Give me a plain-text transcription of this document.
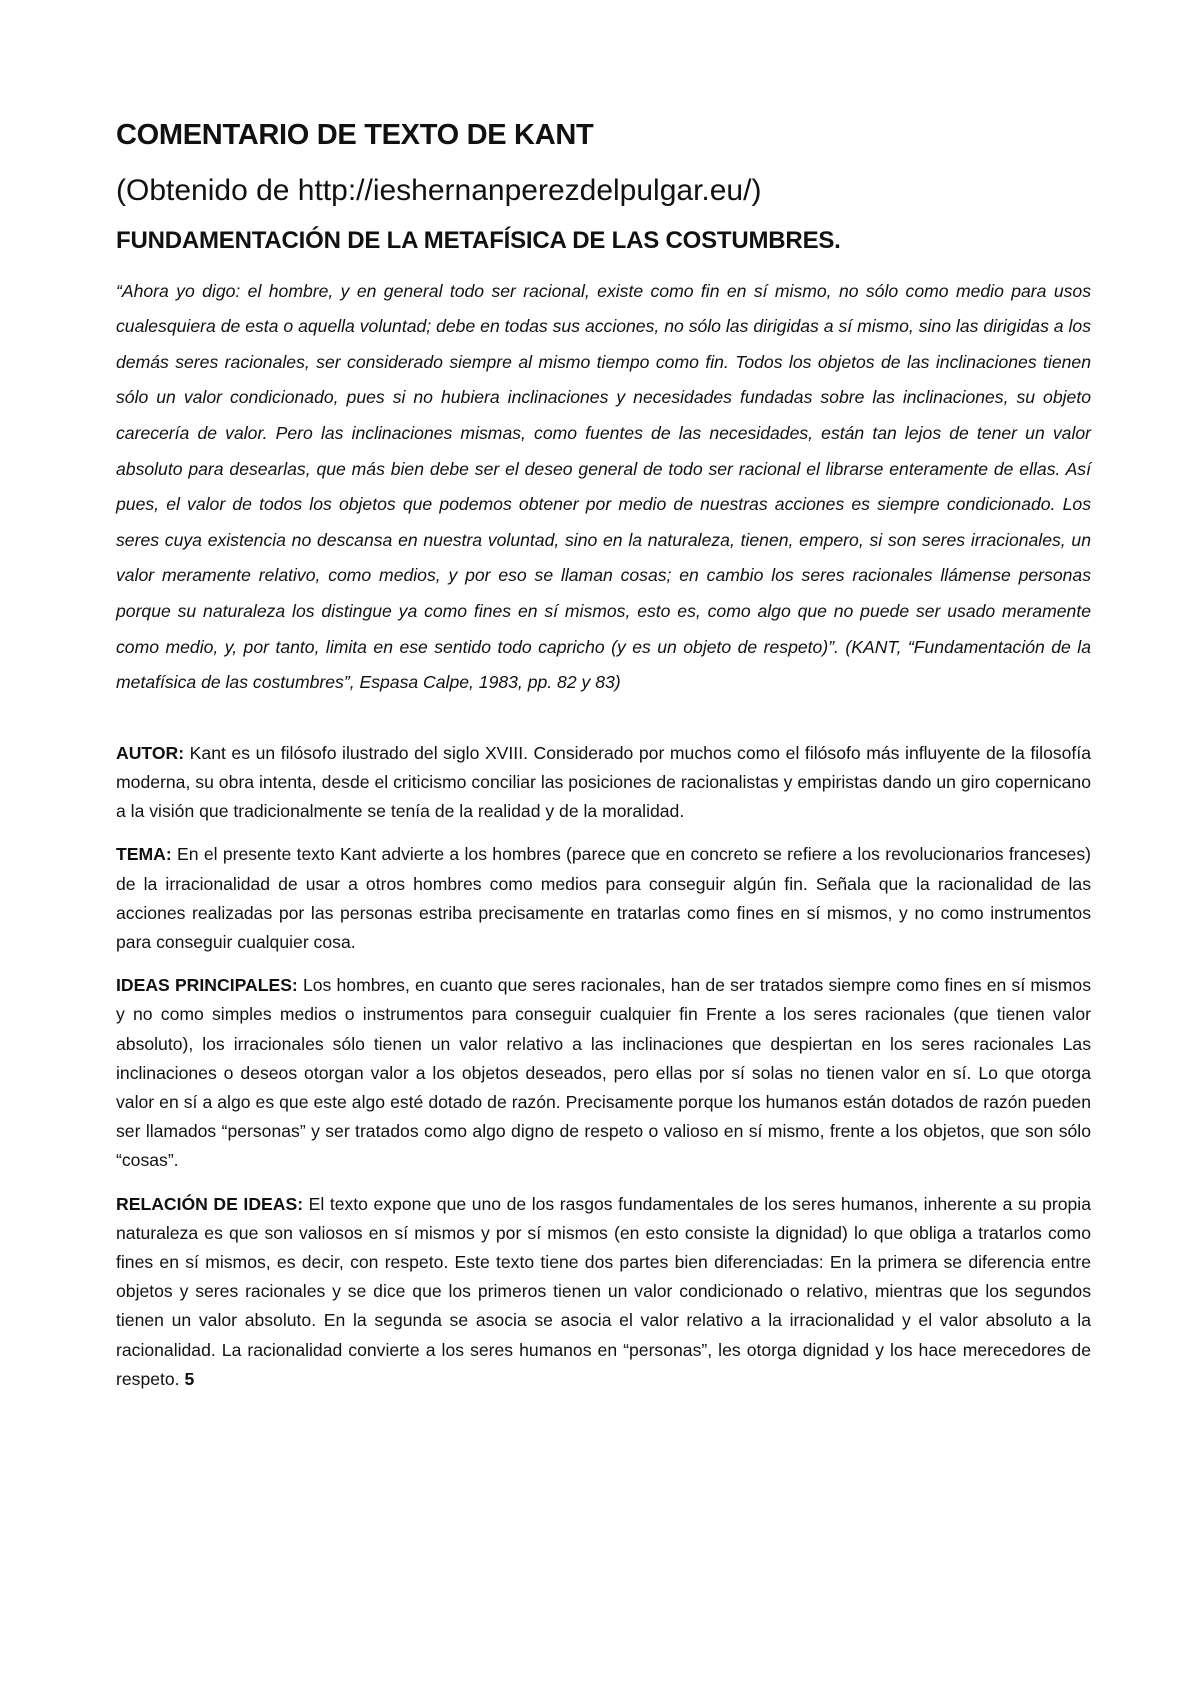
COMENTARIO DE TEXTO DE KANT
(Obtenido de http://ieshernanperezdelpulgar.eu/)
FUNDAMENTACIÓN DE LA METAFÍSICA DE LAS COSTUMBRES.

“Ahora yo digo: el hombre, y en general todo ser racional, existe como fin en sí mismo, no sólo como medio para usos cualesquiera de esta o aquella voluntad; debe en todas sus acciones, no sólo las dirigidas a sí mismo, sino las dirigidas a los demás seres racionales, ser considerado siempre al mismo tiempo como fin. Todos los objetos de las inclinaciones tienen sólo un valor condicionado, pues si no hubiera inclinaciones y necesidades fundadas sobre las inclinaciones, su objeto carecería de valor. Pero las inclinaciones mismas, como fuentes de las necesidades, están tan lejos de tener un valor absoluto para desearlas, que más bien debe ser el deseo general de todo ser racional el librarse enteramente de ellas. Así pues, el valor de todos los objetos que podemos obtener por medio de nuestras acciones es siempre condicionado. Los seres cuya existencia no descansa en nuestra voluntad, sino en la naturaleza, tienen, empero, si son seres irracionales, un valor meramente relativo, como medios, y por eso se llaman cosas; en cambio los seres racionales llámense personas porque su naturaleza los distingue ya como fines en sí mismos, esto es, como algo que no puede ser usado meramente como medio, y, por tanto, limita en ese sentido todo capricho (y es un objeto de respeto)”. (KANT, “Fundamentación de la metafísica de las costumbres”, Espasa Calpe, 1983, pp. 82 y 83)

AUTOR: Kant es un filósofo ilustrado del siglo XVIII. Considerado por muchos como el filósofo más influyente de la filosofía moderna, su obra intenta, desde el criticismo conciliar las posiciones de racionalistas y empiristas dando un giro copernicano a la visión que tradicionalmente se tenía de la realidad y de la moralidad.

TEMA: En el presente texto Kant advierte a los hombres (parece que en concreto se refiere a los revolucionarios franceses) de la irracionalidad de usar a otros hombres como medios para conseguir algún fin. Señala que la racionalidad de las acciones realizadas por las personas estriba precisamente en tratarlas como fines en sí mismos, y no como instrumentos para conseguir cualquier cosa.

IDEAS PRINCIPALES: Los hombres, en cuanto que seres racionales, han de ser tratados siempre como fines en sí mismos y no como simples medios o instrumentos para conseguir cualquier fin Frente a los seres racionales (que tienen valor absoluto), los irracionales sólo tienen un valor relativo a las inclinaciones que despiertan en los seres racionales Las inclinaciones o deseos otorgan valor a los objetos deseados, pero ellas por sí solas no tienen valor en sí. Lo que otorga valor en sí a algo es que este algo esté dotado de razón. Precisamente porque los humanos están dotados de razón pueden ser llamados “personas” y ser tratados como algo digno de respeto o valioso en sí mismo, frente a los objetos, que son sólo “cosas”.

RELACIÓN DE IDEAS: El texto expone que uno de los rasgos fundamentales de los seres humanos, inherente a su propia naturaleza es que son valiosos en sí mismos y por sí mismos (en esto consiste la dignidad) lo que obliga a tratarlos como fines en sí mismos, es decir, con respeto. Este texto tiene dos partes bien diferenciadas: En la primera se diferencia entre objetos y seres racionales y se dice que los primeros tienen un valor condicionado o relativo, mientras que los segundos tienen un valor absoluto. En la segunda se asocia se asocia el valor relativo a la irracionalidad y el valor absoluto a la racionalidad. La racionalidad convierte a los seres humanos en “personas”, les otorga dignidad y los hace merecedores de respeto. 5
